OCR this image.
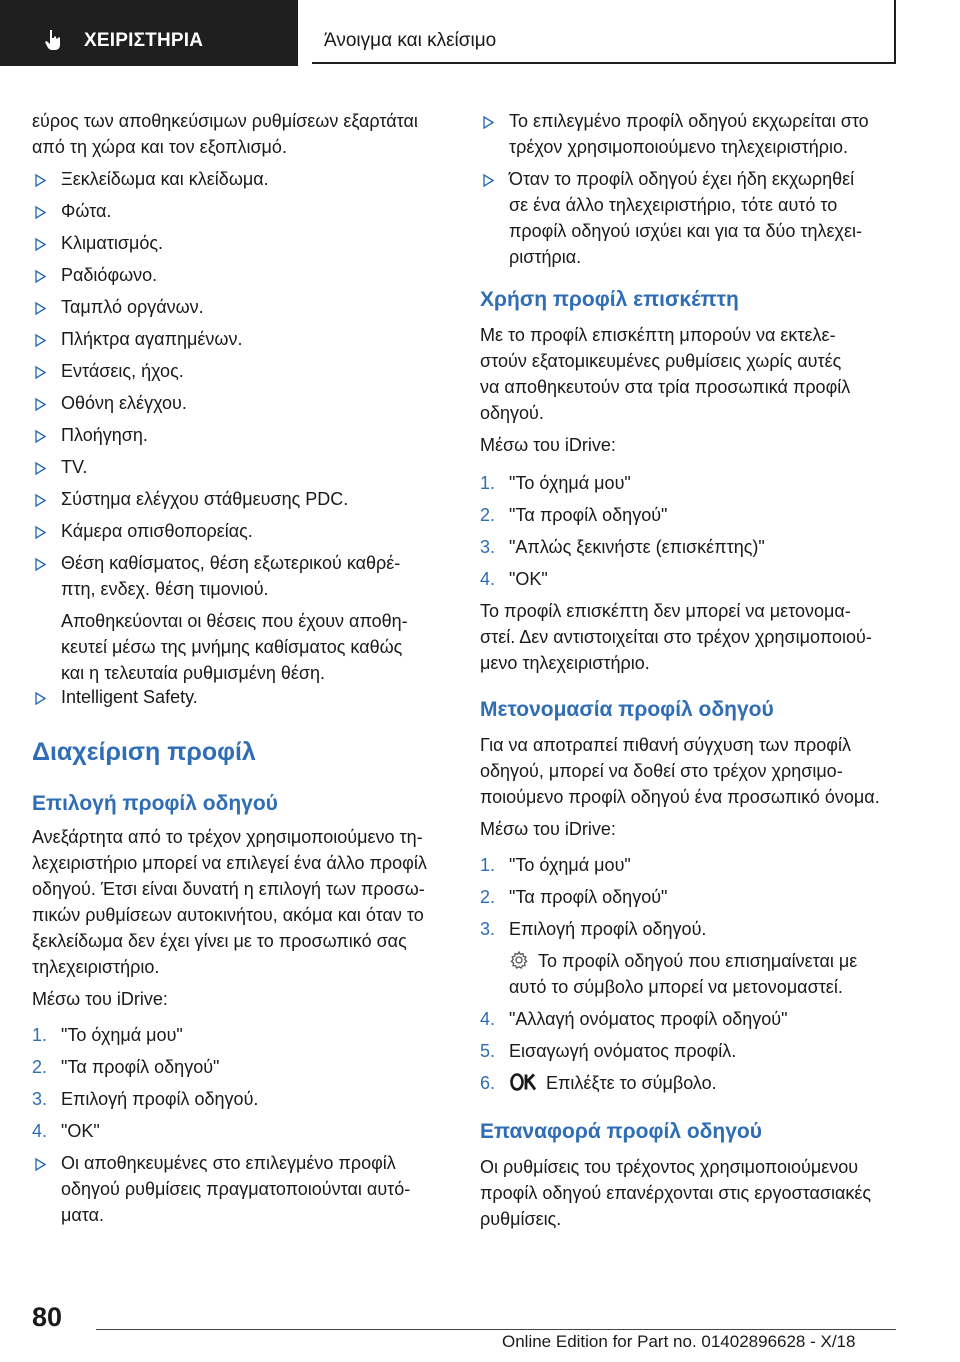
ΧΕΙΡΙΣΤΗΡΙΑ	Άνοιγμα και κλείσιμο
εύρος των αποθηκεύσιμων ρυθμίσεων εξαρτάται
από τη χώρα και τον εξοπλισμό.
Ξεκλείδωμα και κλείδωμα.
Φώτα.
Κλιματισμός.
Ραδιόφωνο.
Ταμπλό οργάνων.
Πλήκτρα αγαπημένων.
Εντάσεις, ήχος.
Οθόνη ελέγχου.
Πλοήγηση.
TV.
Σύστημα ελέγχου στάθμευσης PDC.
Κάμερα οπισθοπορείας.
Θέση καθίσματος, θέση εξωτερικού καθρέ-
πτη, ενδεχ. θέση τιμονιού.
Αποθηκεύονται οι θέσεις που έχουν αποθη-
κευτεί μέσω της μνήμης καθίσματος καθώς
και η τελευταία ρυθμισμένη θέση.
Intelligent Safety.
Διαχείριση προφίλ
Επιλογή προφίλ οδηγού
Ανεξάρτητα από το τρέχον χρησιμοποιούμενο τη-
λεχειριστήριο μπορεί να επιλεγεί ένα άλλο προφίλ
οδηγού. Έτσι είναι δυνατή η επιλογή των προσω-
πικών ρυθμίσεων αυτοκινήτου, ακόμα και όταν το
ξεκλείδωμα δεν έχει γίνει με το προσωπικό σας
τηλεχειριστήριο.
Μέσω του iDrive:
1. "Το όχημά μου"
2. "Τα προφίλ οδηγού"
3. Επιλογή προφίλ οδηγού.
4. "OK"
Οι αποθηκευμένες στο επιλεγμένο προφίλ
οδηγού ρυθμίσεις πραγματοποιούνται αυτό-
ματα.
Το επιλεγμένο προφίλ οδηγού εκχωρείται στο
τρέχον χρησιμοποιούμενο τηλεχειριστήριο.
Όταν το προφίλ οδηγού έχει ήδη εκχωρηθεί
σε ένα άλλο τηλεχειριστήριο, τότε αυτό το
προφίλ οδηγού ισχύει και για τα δύο τηλεχει-
ριστήρια.
Χρήση προφίλ επισκέπτη
Με το προφίλ επισκέπτη μπορούν να εκτελε-
στούν εξατομικευμένες ρυθμίσεις χωρίς αυτές
να αποθηκευτούν στα τρία προσωπικά προφίλ
οδηγού.
Μέσω του iDrive:
1. "Το όχημά μου"
2. "Τα προφίλ οδηγού"
3. "Απλώς ξεκινήστε (επισκέπτης)"
4. "OK"
Το προφίλ επισκέπτη δεν μπορεί να μετονομα-
στεί. Δεν αντιστοιχείται στο τρέχον χρησιμοποιού-
μενο τηλεχειριστήριο.
Μετονομασία προφίλ οδηγού
Για να αποτραπεί πιθανή σύγχυση των προφίλ
οδηγού, μπορεί να δοθεί στο τρέχον χρησιμο-
ποιούμενο προφίλ οδηγού ένα προσωπικό όνομα.
Μέσω του iDrive:
1. "Το όχημά μου"
2. "Τα προφίλ οδηγού"
3. Επιλογή προφίλ οδηγού.
Το προφίλ οδηγού που επισημαίνεται με
αυτό το σύμβολο μπορεί να μετονομαστεί.
4. "Αλλαγή ονόματος προφίλ οδηγού"
5. Εισαγωγή ονόματος προφίλ.
6.	Επιλέξτε το σύμβολο.
Επαναφορά προφίλ οδηγού
Οι ρυθμίσεις του τρέχοντος χρησιμοποιούμενου
προφίλ οδηγού επανέρχονται στις εργοστασιακές
ρυθμίσεις.
80
Online Edition for Part no. 01402896628 - X/18
